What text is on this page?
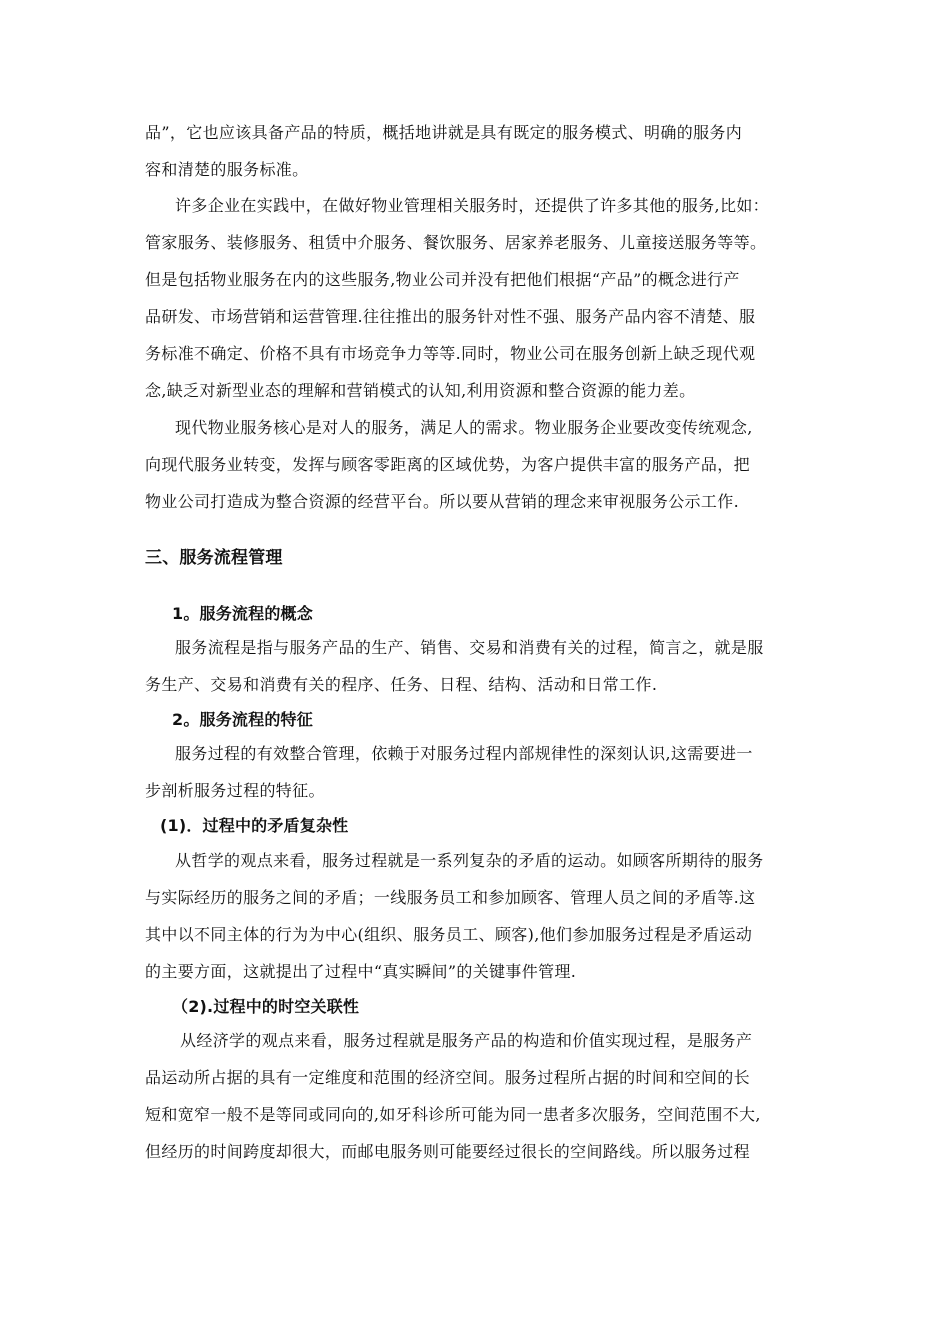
品”，它也应该具备产品的特质，概括地讲就是具有既定的服务模式、明确的服务内
容和清楚的服务标准。
许多企业在实践中，在做好物业管理相关服务时，还提供了许多其他的服务,比如：
管家服务、装修服务、租赁中介服务、餐饮服务、居家养老服务、儿童接送服务等等。
但是包括物业服务在内的这些服务,物业公司并没有把他们根据“产品”的概念进行产
品研发、市场营销和运营管理.往往推出的服务针对性不强、服务产品内容不清楚、服
务标准不确定、价格不具有市场竞争力等等.同时，物业公司在服务创新上缺乏现代观
念,缺乏对新型业态的理解和营销模式的认知,利用资源和整合资源的能力差。
现代物业服务核心是对人的服务，满足人的需求。物业服务企业要改变传统观念,
向现代服务业转变，发挥与顾客零距离的区域优势，为客户提供丰富的服务产品，把
物业公司打造成为整合资源的经营平台。所以要从营销的理念来审视服务公示工作.
三、服务流程管理
1。服务流程的概念
服务流程是指与服务产品的生产、销售、交易和消费有关的过程，简言之，就是服
务生产、交易和消费有关的程序、任务、日程、结构、活动和日常工作.
2。服务流程的特征
服务过程的有效整合管理，依赖于对服务过程内部规律性的深刻认识,这需要进一
步剖析服务过程的特征。
(1)．过程中的矛盾复杂性
从哲学的观点来看，服务过程就是一系列复杂的矛盾的运动。如顾客所期待的服务
与实际经历的服务之间的矛盾；一线服务员工和参加顾客、管理人员之间的矛盾等.这
其中以不同主体的行为为中心(组织、服务员工、顾客),他们参加服务过程是矛盾运动
的主要方面，这就提出了过程中“真实瞬间”的关键事件管理.
（2).过程中的时空关联性
从经济学的观点来看，服务过程就是服务产品的构造和价值实现过程，是服务产
品运动所占据的具有一定维度和范围的经济空间。服务过程所占据的时间和空间的长
短和宽窄一般不是等同或同向的,如牙科诊所可能为同一患者多次服务，空间范围不大,
但经历的时间跨度却很大，而邮电服务则可能要经过很长的空间路线。所以服务过程
